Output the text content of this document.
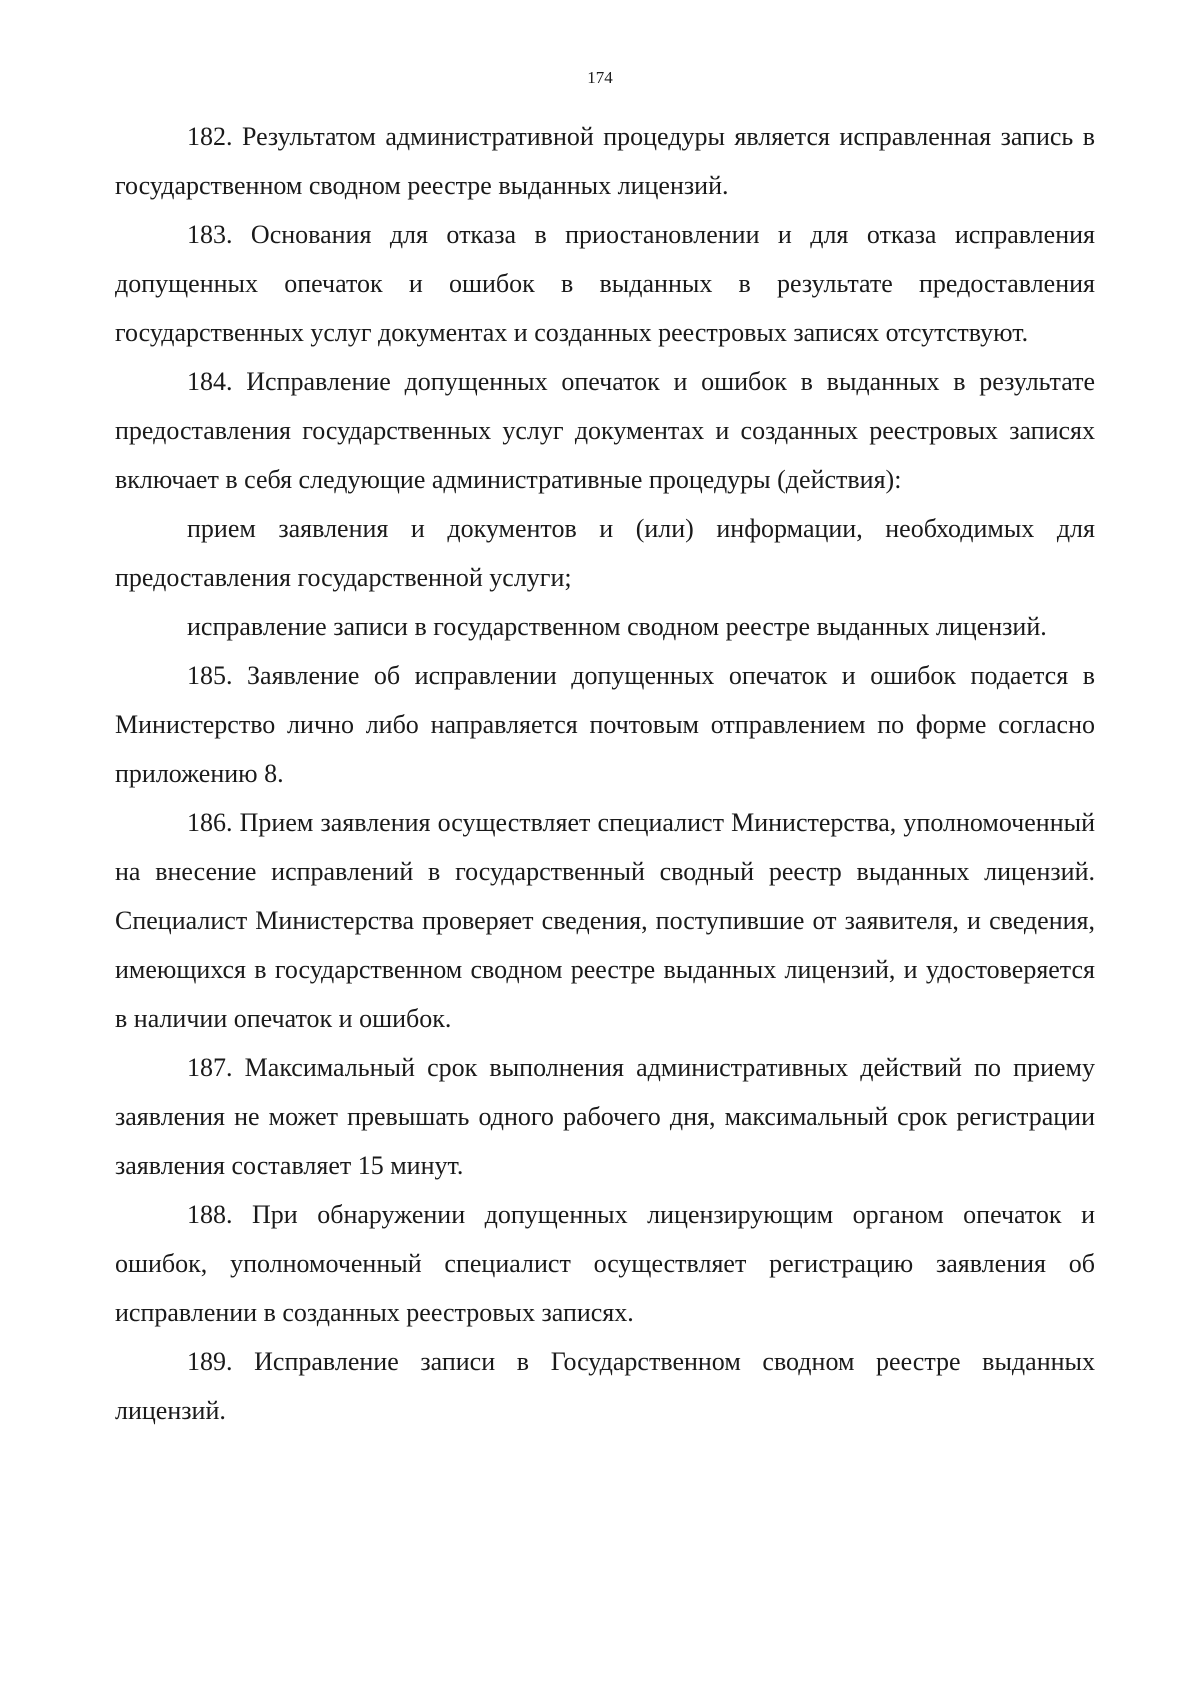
174

182. Результатом административной процедуры является исправленная запись в государственном сводном реестре выданных лицензий.

183. Основания для отказа в приостановлении и для отказа исправления допущенных опечаток и ошибок в выданных в результате предоставления государственных услуг документах и созданных реестровых записях отсутствуют.

184. Исправление допущенных опечаток и ошибок в выданных в результате предоставления государственных услуг документах и созданных реестровых записях включает в себя следующие административные процедуры (действия):

прием заявления и документов и (или) информации, необходимых для предоставления государственной услуги;

исправление записи в государственном сводном реестре выданных лицензий.

185. Заявление об исправлении допущенных опечаток и ошибок подается в Министерство лично либо направляется почтовым отправлением по форме согласно приложению 8.

186. Прием заявления осуществляет специалист Министерства, уполномоченный на внесение исправлений в государственный сводный реестр выданных лицензий. Специалист Министерства проверяет сведения, поступившие от заявителя, и сведения, имеющихся в государственном сводном реестре выданных лицензий, и удостоверяется в наличии опечаток и ошибок.

187. Максимальный срок выполнения административных действий по приему заявления не может превышать одного рабочего дня, максимальный срок регистрации заявления составляет 15 минут.

188. При обнаружении допущенных лицензирующим органом опечаток и ошибок, уполномоченный специалист осуществляет регистрацию заявления об исправлении в созданных реестровых записях.

189. Исправление записи в Государственном сводном реестре выданных лицензий.
